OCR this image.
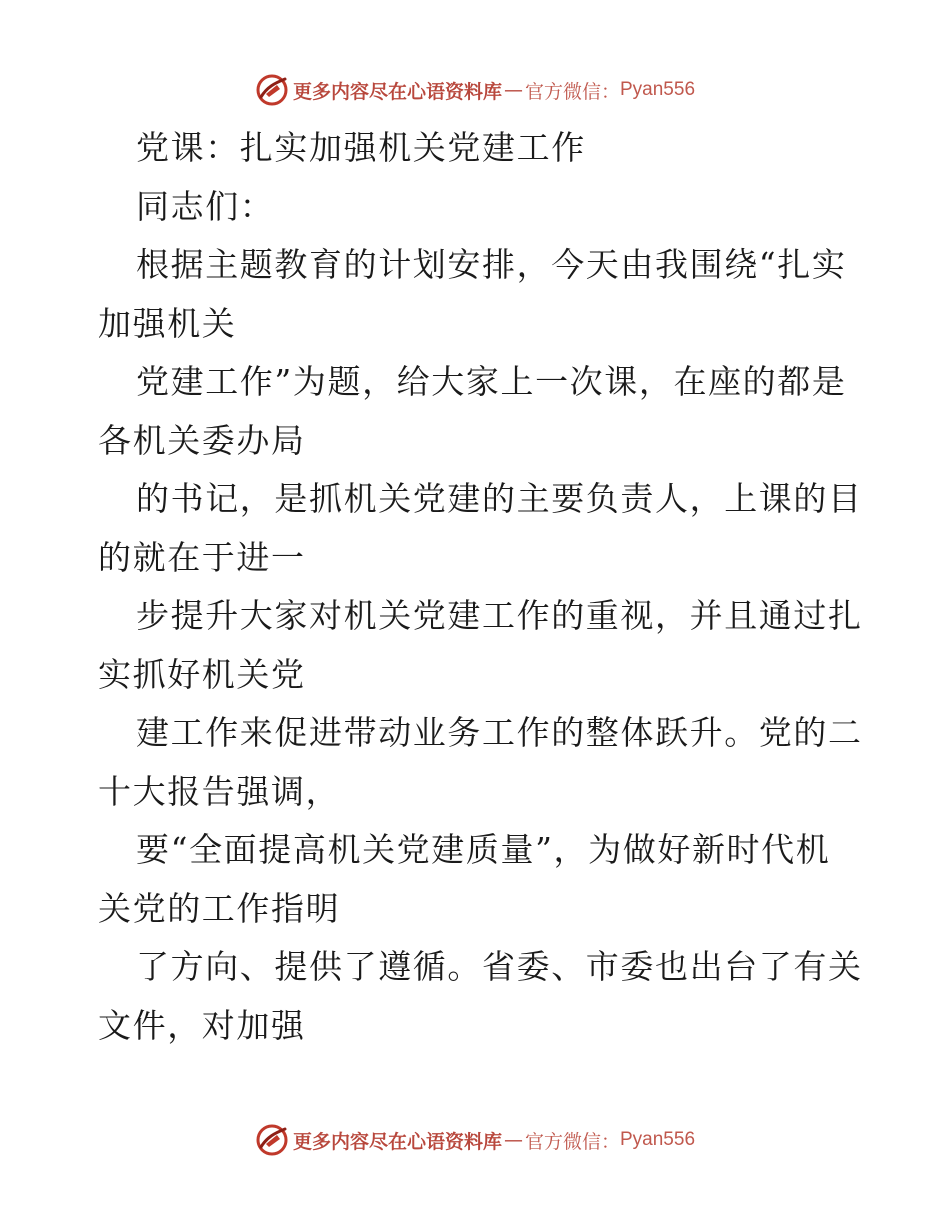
更多内容尽在心语资料库 — 官方微信： Pyan556
党课：扎实加强机关党建工作
同志们：
根据主题教育的计划安排，今天由我围绕“扎实
加强机关
党建工作”为题，给大家上一次课，在座的都是
各机关委办局
的书记，是抓机关党建的主要负责人，上课的目
的就在于进一
步提升大家对机关党建工作的重视，并且通过扎
实抓好机关党
建工作来促进带动业务工作的整体跃升。党的二
十大报告强调，
要“全面提高机关党建质量”，为做好新时代机
关党的工作指明
了方向、提供了遵循。省委、市委也出台了有关
文件，对加强
更多内容尽在心语资料库 — 官方微信： Pyan556
